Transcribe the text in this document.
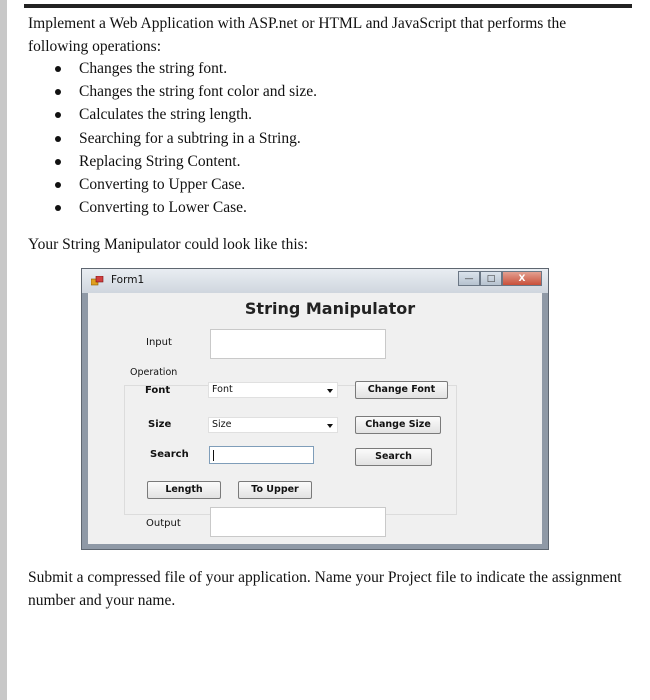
Implement a Web Application with ASP.net or HTML and JavaScript that performs the following operations:
Changes the string font.
Changes the string font color and size.
Calculates the string length.
Searching for a subtring in a String.
Replacing String Content.
Converting to Upper Case.
Converting to Lower Case.
Your String Manipulator could look like this:
Form1	—	□	X
String Manipulator
Input
Operation
Font	Font	Change Font
Size	Size	Change Size
Search	Search
Length	To Upper
Output
Submit a compressed file of your application. Name your Project file to indicate the assignment number and your name.
